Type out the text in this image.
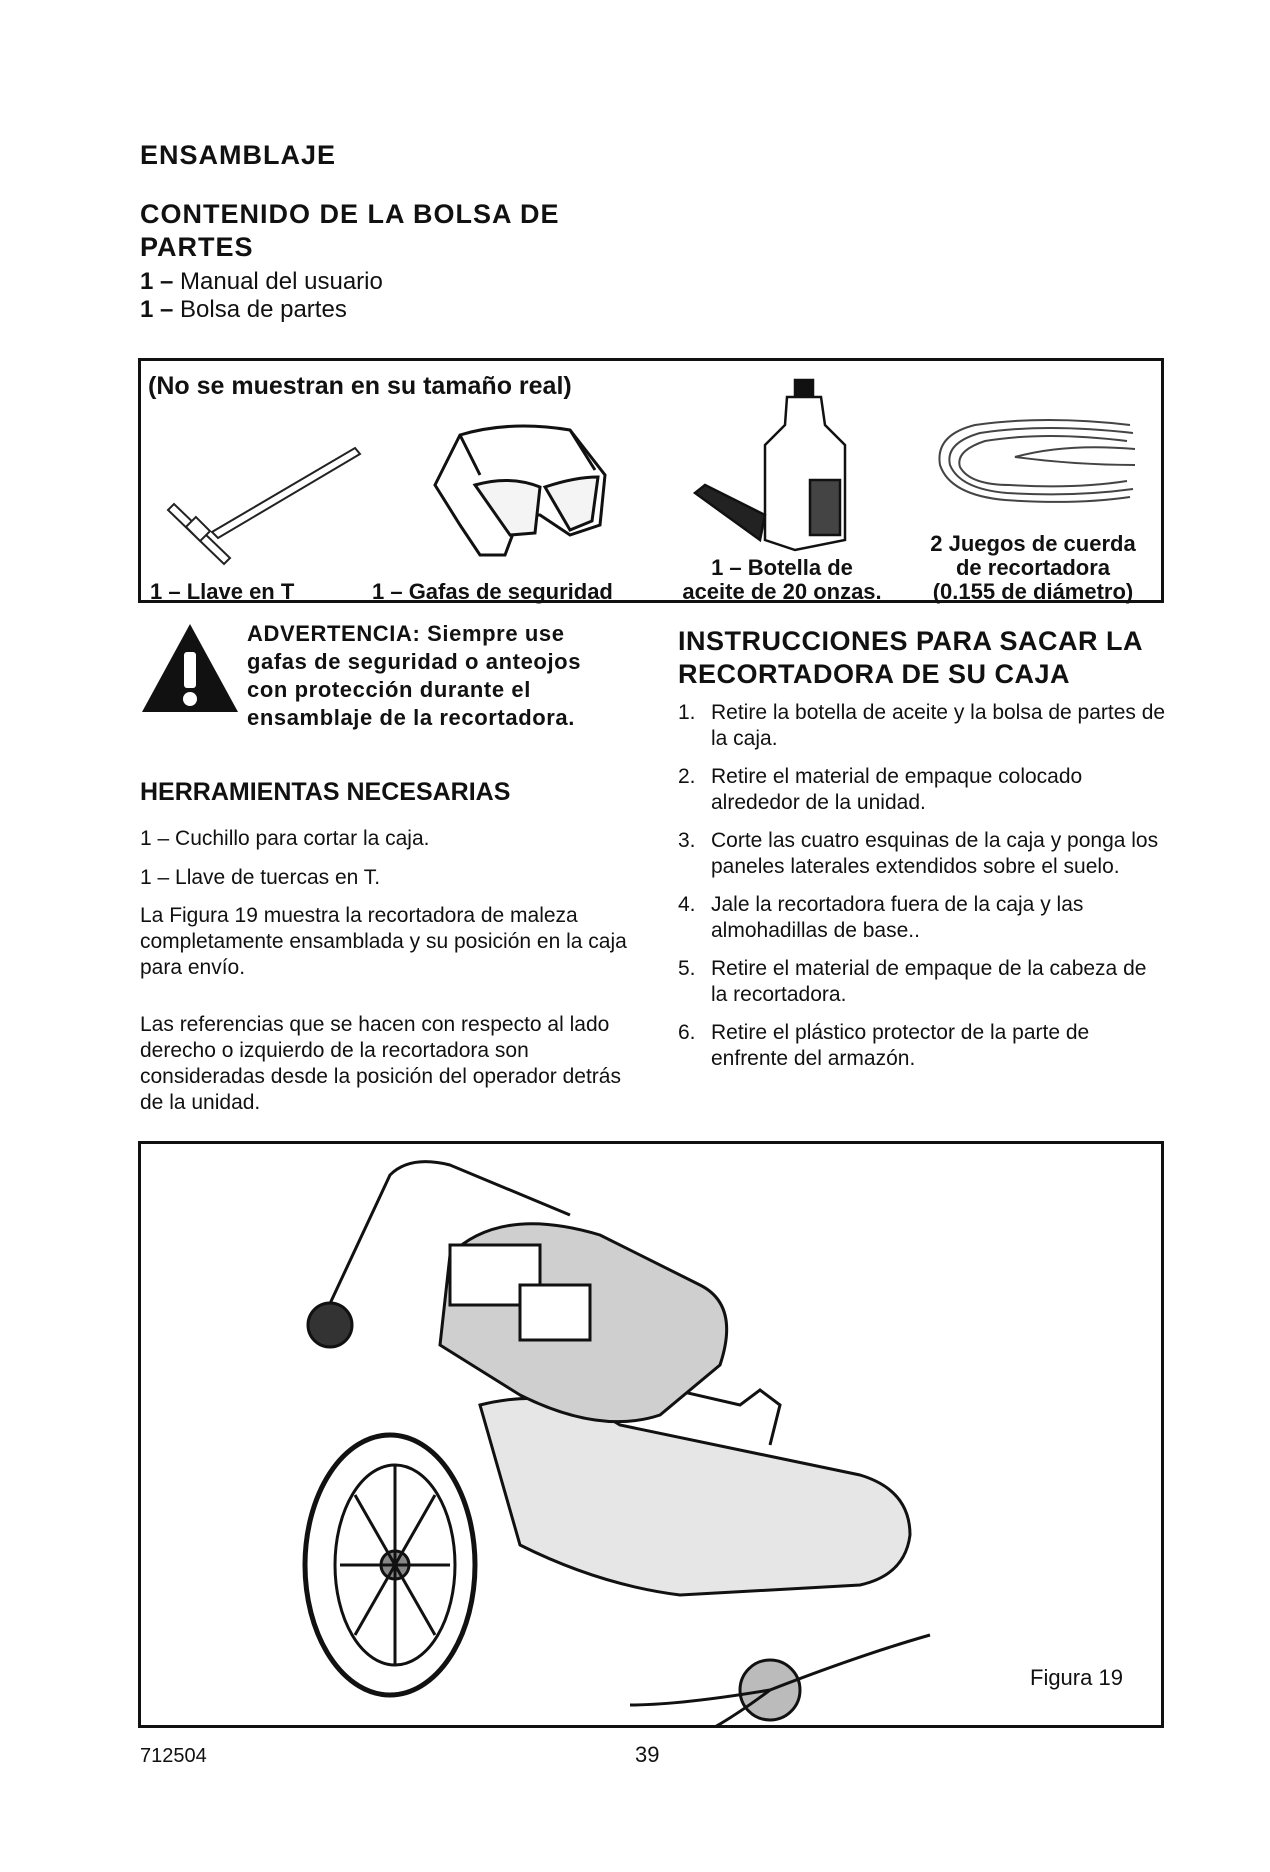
ENSAMBLAJE
CONTENIDO DE LA BOLSA DE PARTES
1 – Manual del usuario
1 – Bolsa de partes
(No se muestran en su tamaño real)
1 – Llave en T	1 – Gafas de seguridad
1 – Botella de
aceite de 20 onzas.
2 Juegos de cuerda
de recortadora
(0.155 de diámetro)
ADVERTENCIA: Siempre use gafas de seguridad o anteojos con protección durante el ensamblaje de la recortadora.
HERRAMIENTAS NECESARIAS
1 – Cuchillo para cortar la caja.
1 – Llave de tuercas en T.
La Figura 19 muestra la recortadora de maleza completamente ensamblada y su posición en la caja para envío.
Las referencias que se hacen con respecto al lado derecho o izquierdo de la recortadora son consideradas desde la posición del operador detrás de la unidad.
INSTRUCCIONES PARA SACAR LA RECORTADORA DE SU CAJA
1. Retire la botella de aceite y la bolsa de partes de la caja.
2. Retire el material de empaque colocado alrededor de la unidad.
3. Corte las cuatro esquinas de la caja y ponga los paneles laterales extendidos sobre el suelo.
4. Jale la recortadora fuera de la caja y las almohadillas de base..
5. Retire el material de empaque de la cabeza de la recortadora.
6. Retire el plástico protector de la parte de enfrente del armazón.
Figura 19
712504	39
